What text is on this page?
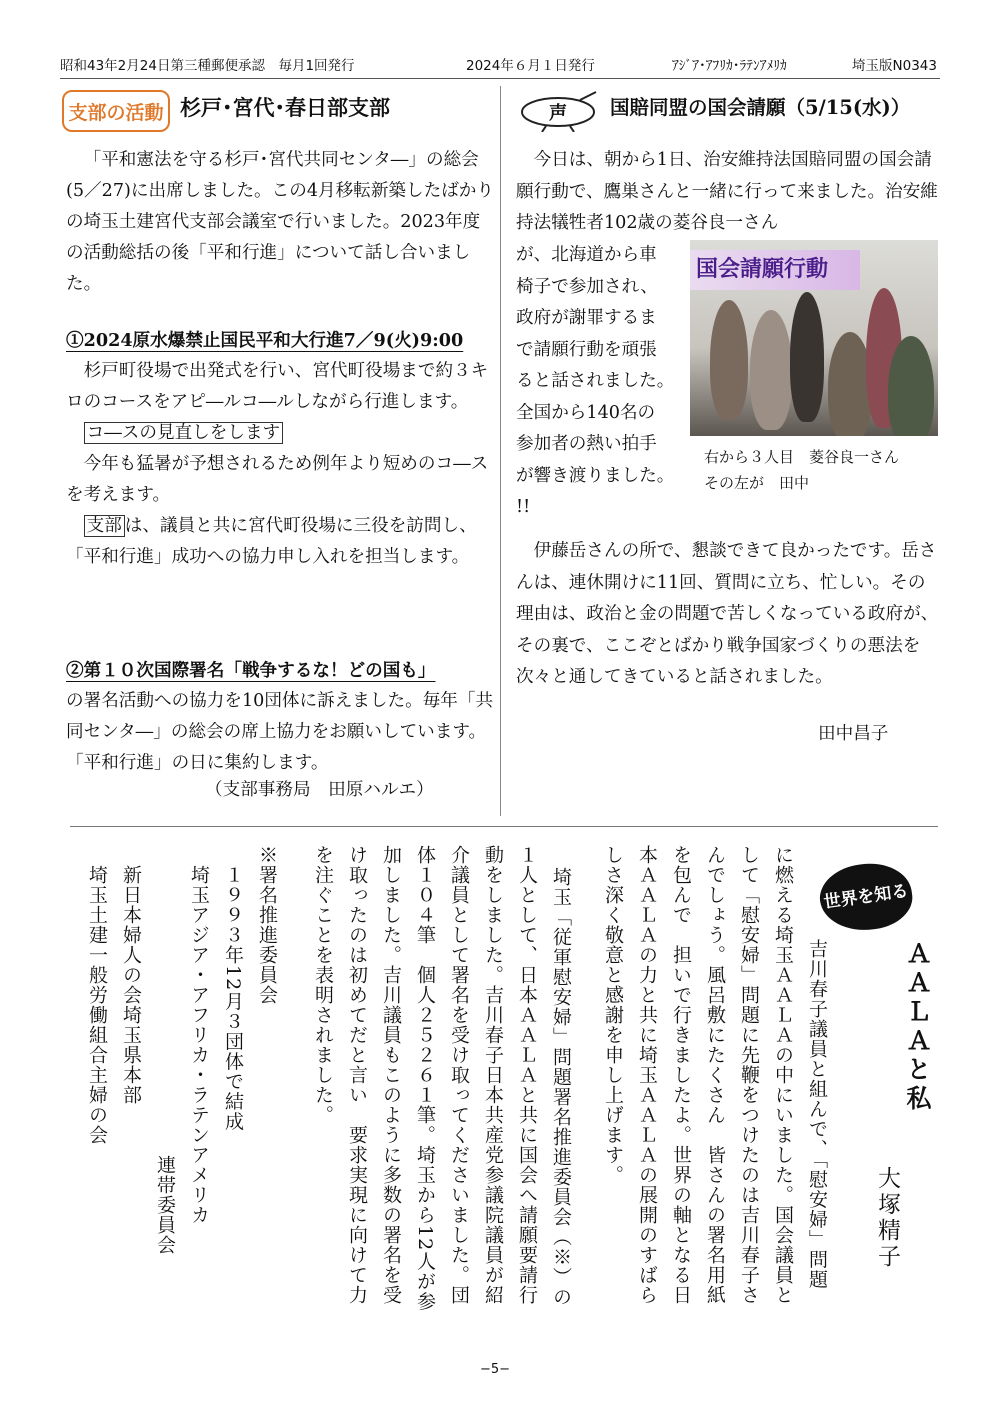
昭和43年2月24日第三種郵便承認　毎月1回発行	2024年６月１日発行	ｱｼﾞｱ･ｱﾌﾘｶ･ﾗﾃﾝｱﾒﾘｶ	埼玉版N0343
支部の活動 杉戸･宮代･春日部支部

「平和憲法を守る杉戸･宮代共同センタ―」の総会(5／27)に出席しました。この4月移転新築したばかりの埼玉土建宮代支部会議室で行いました。2023年度の活動総括の後「平和行進」について話し合いました。

①2024原水爆禁止国民平和大行進7／9(火)9:00

杉戸町役場で出発式を行い、宮代町役場まで約３キロのコースをアピ―ルコ―ルしながら行進します。

コ―スの見直しをします

今年も猛暑が予想されるため例年より短めのコ―スを考えます。

支部 は、議員と共に宮代町役場に三役を訪問し、「平和行進」成功への協力申し入れを担当します。

②第１０次国際署名「戦争するな！どの国も」

の署名活動への協力を10団体に訴えました。毎年「共同センタ―」の総会の席上協力をお願いしています。「平和行進」の日に集約します。

（支部事務局　田原ハルエ）
声 国賠同盟の国会請願（5/15(水)）

今日は、朝から1日、治安維持法国賠同盟の国会請願行動で、鷹巣さんと一緒に行って来ました。治安維持法犠牲者102歳の菱谷良一さん

が、北海道から車

椅子で参加され、

政府が謝罪するま

で請願行動を頑張

ると話されました。

全国から140名の

参加者の熱い拍手

が響き渡りました。

!!

国会請願行動
右から３人目　菱谷良一さん
その左が　田中

伊藤岳さんの所で、懇談できて良かったです。岳さんは、連休開けに11回、質問に立ち、忙しい。その理由は、政治と金の問題で苦しくなっている政府が、その裏で、ここぞとばかり戦争国家づくりの悪法を次々と通してきていると話されました。

田中昌子
ＡＡＬＡと私
大塚精子
世界を知る
吉川春子議員と組んで、「慰安婦」問題
に燃える埼玉ＡＡＬＡの中にいました。国会議員と
して「慰安婦」問題に先鞭をつけたのは吉川春子さ
んでしょう。風呂敷にたくさん　皆さんの署名用紙
を包んで　担いで行きましたよ。世界の軸となる日
本ＡＡＬＡの力と共に埼玉ＡＡＬＡの展開のすばら
しさ深く敬意と感謝を申し上げます。
埼玉「従軍慰安婦」問題署名推進委員会（※）の
１人として、日本ＡＡＬＡと共に国会へ請願要請行
動をしました。吉川春子日本共産党参議院議員が紹
介議員として署名を受け取ってくださいました。団
体１０４筆　個人２５２６１筆。埼玉から12人が参
加しました。吉川議員もこのように多数の署名を受
け取ったのは初めてだと言い　要求実現に向けて力
を注ぐことを表明されました。
※署名推進委員会
　１９９３年12月３団体で結成
　埼玉アジア・アフリカ・ラテンアメリカ
連帯委員会
　新日本婦人の会埼玉県本部
　埼玉土建一般労働組合主婦の会
−5−
